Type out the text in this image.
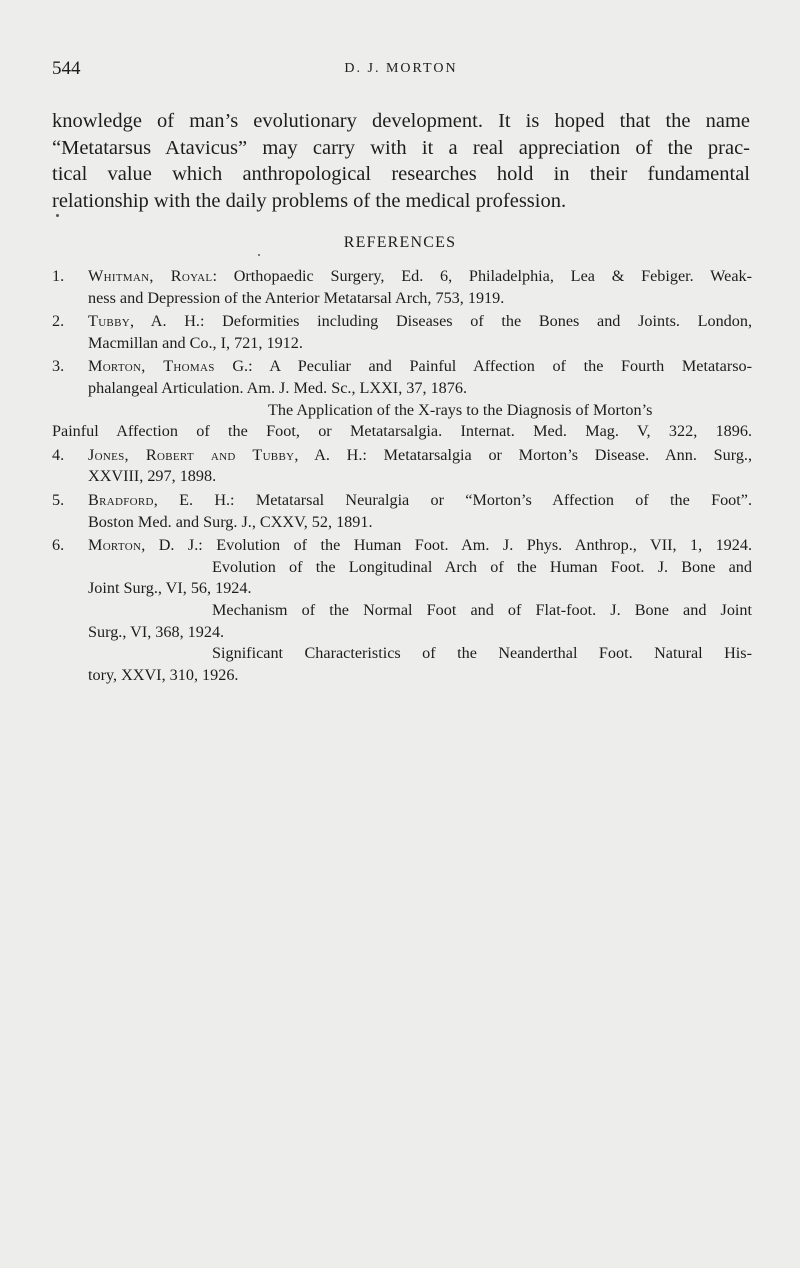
544	D. J. MORTON
knowledge of man’s evolutionary development. It is hoped that the name
“Metatarsus Atavicus” may carry with it a real appreciation of the prac-
tical value which anthropological researches hold in their fundamental
relationship with the daily problems of the medical profession.
REFERENCES
1. Whitman, Royal: Orthopaedic Surgery, Ed. 6, Philadelphia, Lea & Febiger. Weak-
ness and Depression of the Anterior Metatarsal Arch, 753, 1919.
2. Tubby, A. H.: Deformities including Diseases of the Bones and Joints. London,
Macmillan and Co., I, 721, 1912.
3. Morton, Thomas G.: A Peculiar and Painful Affection of the Fourth Metatarso-
phalangeal Articulation. Am. J. Med. Sc., LXXI, 37, 1876.
The Application of the X-rays to the Diagnosis of Morton’s
Painful Affection of the Foot, or Metatarsalgia. Internat. Med. Mag. V, 322, 1896.
4. Jones, Robert and Tubby, A. H.: Metatarsalgia or Morton’s Disease. Ann. Surg.,
XXVIII, 297, 1898.
5. Bradford, E. H.: Metatarsal Neuralgia or “Morton’s Affection of the Foot”.
Boston Med. and Surg. J., CXXV, 52, 1891.
6. Morton, D. J.: Evolution of the Human Foot. Am. J. Phys. Anthrop., VII, 1, 1924.
Evolution of the Longitudinal Arch of the Human Foot. J. Bone and
Joint Surg., VI, 56, 1924.
Mechanism of the Normal Foot and of Flat-foot. J. Bone and Joint
Surg., VI, 368, 1924.
Significant Characteristics of the Neanderthal Foot. Natural His-
tory, XXVI, 310, 1926.
